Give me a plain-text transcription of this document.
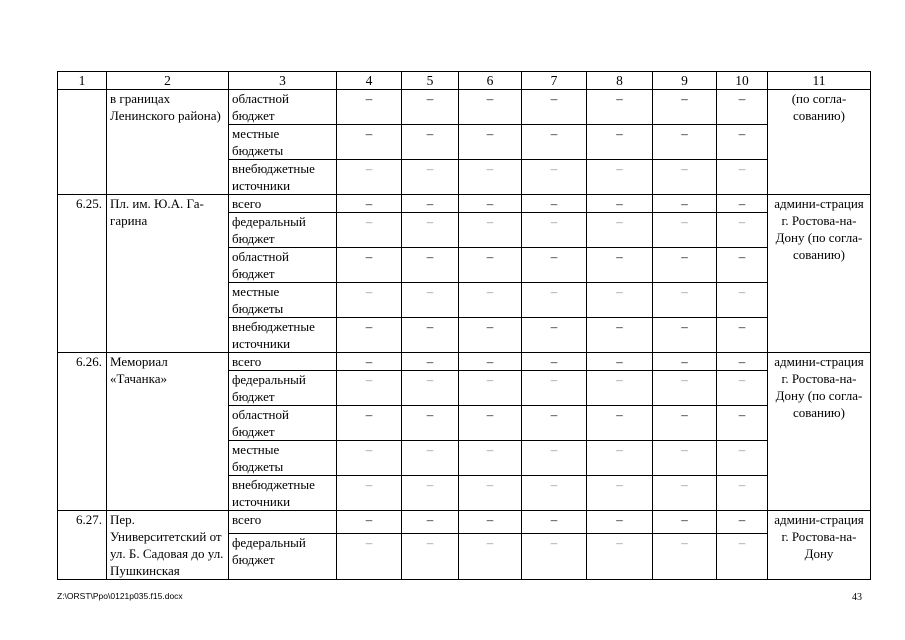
1	2	3	4	5	6	7	8	9	10	11
	в границах Ленинского района)	областной бюджет	–	–	–	–	–	–	–	(по согла-сованию)
		местные бюджеты	–	–	–	–	–	–	–	
		внебюджетные источники	–	–	–	–	–	–	–	
6.25.	Пл. им. Ю.А. Га-гарина	всего	–	–	–	–	–	–	–	админи-страция г. Ростова-на-Дону (по согла-сованию)
		федеральный бюджет	–	–	–	–	–	–	–	
		областной бюджет	–	–	–	–	–	–	–	
		местные бюджеты	–	–	–	–	–	–	–	
		внебюджетные источники	–	–	–	–	–	–	–	
6.26.	Мемориал «Тачанка»	всего	–	–	–	–	–	–	–	админи-страция г. Ростова-на-Дону (по согла-сованию)
		федеральный бюджет	–	–	–	–	–	–	–	
		областной бюджет	–	–	–	–	–	–	–	
		местные бюджеты	–	–	–	–	–	–	–	
		внебюджетные источники	–	–	–	–	–	–	–	
6.27.	Пер. Университетский от ул. Б. Садовая до ул. Пушкинская	всего	–	–	–	–	–	–	–	админи-страция г. Ростова-на-Дону
		федеральный бюджет	–	–	–	–	–	–	–	
Z:\ORST\Ppo\0121p035.f15.docx	43
